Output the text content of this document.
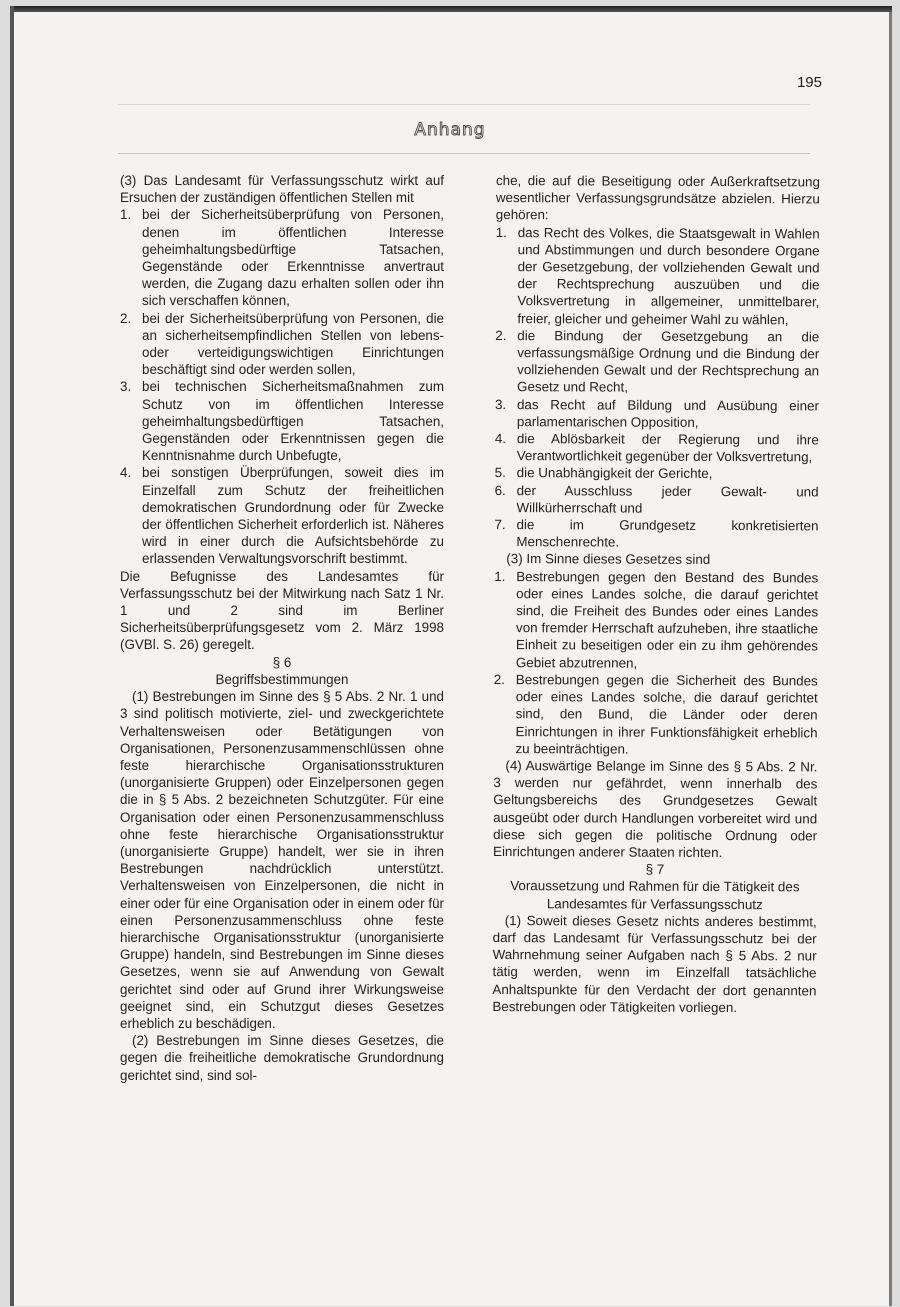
195
Anhang

(3) Das Landesamt für Verfassungsschutz wirkt auf Ersuchen der zuständigen öffentlichen Stellen mit

1. bei der Sicherheitsüberprüfung von Personen, denen im öffentlichen Interesse geheimhaltungsbedürftige Tatsachen, Gegenstände oder Erkenntnisse anvertraut werden, die Zugang dazu erhalten sollen oder ihn sich verschaffen können,
2. bei der Sicherheitsüberprüfung von Personen, die an sicherheitsempfindlichen Stellen von lebens- oder verteidigungswichtigen Einrichtungen beschäftigt sind oder werden sollen,
3. bei technischen Sicherheitsmaßnahmen zum Schutz von im öffentlichen Interesse geheimhaltungsbedürftigen Tatsachen, Gegenständen oder Erkenntnissen gegen die Kenntnisnahme durch Unbefugte,
4. bei sonstigen Überprüfungen, soweit dies im Einzelfall zum Schutz der freiheitlichen demokratischen Grundordnung oder für Zwecke der öffentlichen Sicherheit erforderlich ist. Näheres wird in einer durch die Aufsichtsbehörde zu erlassenden Verwaltungsvorschrift bestimmt.

Die Befugnisse des Landesamtes für Verfassungsschutz bei der Mitwirkung nach Satz 1 Nr. 1 und 2 sind im Berliner Sicherheitsüberprüfungsgesetz vom 2. März 1998 (GVBl. S. 26) geregelt.

§ 6

Begriffsbestimmungen

(1) Bestrebungen im Sinne des § 5 Abs. 2 Nr. 1 und 3 sind politisch motivierte, ziel- und zweckgerichtete Verhaltensweisen oder Betätigungen von Organisationen, Personenzusammenschlüssen ohne feste hierarchische Organisationsstrukturen (unorganisierte Gruppen) oder Einzelpersonen gegen die in § 5 Abs. 2 bezeichneten Schutzgüter. Für eine Organisation oder einen Personenzusammenschluss ohne feste hierarchische Organisationsstruktur (unorganisierte Gruppe) handelt, wer sie in ihren Bestrebungen nachdrücklich unterstützt. Verhaltensweisen von Einzelpersonen, die nicht in einer oder für eine Organisation oder in einem oder für einen Personenzusammenschluss ohne feste hierarchische Organisationsstruktur (unorganisierte Gruppe) handeln, sind Bestrebungen im Sinne dieses Gesetzes, wenn sie auf Anwendung von Gewalt gerichtet sind oder auf Grund ihrer Wirkungsweise geeignet sind, ein Schutzgut dieses Gesetzes erheblich zu beschädigen.

(2) Bestrebungen im Sinne dieses Gesetzes, die gegen die freiheitliche demokratische Grundordnung gerichtet sind, sind sol-

che, die auf die Beseitigung oder Außerkraftsetzung wesentlicher Verfassungsgrundsätze abzielen. Hierzu gehören:

1. das Recht des Volkes, die Staatsgewalt in Wahlen und Abstimmungen und durch besondere Organe der Gesetzgebung, der vollziehenden Gewalt und der Rechtsprechung auszuüben und die Volksvertretung in allgemeiner, unmittelbarer, freier, gleicher und geheimer Wahl zu wählen,
2. die Bindung der Gesetzgebung an die verfassungsmäßige Ordnung und die Bindung der vollziehenden Gewalt und der Rechtsprechung an Gesetz und Recht,
3. das Recht auf Bildung und Ausübung einer parlamentarischen Opposition,
4. die Ablösbarkeit der Regierung und ihre Verantwortlichkeit gegenüber der Volksvertretung,
5. die Unabhängigkeit der Gerichte,
6. der Ausschluss jeder Gewalt- und Willkürherrschaft und
7. die im Grundgesetz konkretisierten Menschenrechte.

(3) Im Sinne dieses Gesetzes sind

1. Bestrebungen gegen den Bestand des Bundes oder eines Landes solche, die darauf gerichtet sind, die Freiheit des Bundes oder eines Landes von fremder Herrschaft aufzuheben, ihre staatliche Einheit zu beseitigen oder ein zu ihm gehörendes Gebiet abzutrennen,
2. Bestrebungen gegen die Sicherheit des Bundes oder eines Landes solche, die darauf gerichtet sind, den Bund, die Länder oder deren Einrichtungen in ihrer Funktionsfähigkeit erheblich zu beeinträchtigen.

(4) Auswärtige Belange im Sinne des § 5 Abs. 2 Nr. 3 werden nur gefährdet, wenn innerhalb des Geltungsbereichs des Grundgesetzes Gewalt ausgeübt oder durch Handlungen vorbereitet wird und diese sich gegen die politische Ordnung oder Einrichtungen anderer Staaten richten.

§ 7

Voraussetzung und Rahmen für die Tätigkeit des Landesamtes für Verfassungsschutz

(1) Soweit dieses Gesetz nichts anderes bestimmt, darf das Landesamt für Verfassungsschutz bei der Wahrnehmung seiner Aufgaben nach § 5 Abs. 2 nur tätig werden, wenn im Einzelfall tatsächliche Anhaltspunkte für den Verdacht der dort genannten Bestrebungen oder Tätigkeiten vorliegen.
